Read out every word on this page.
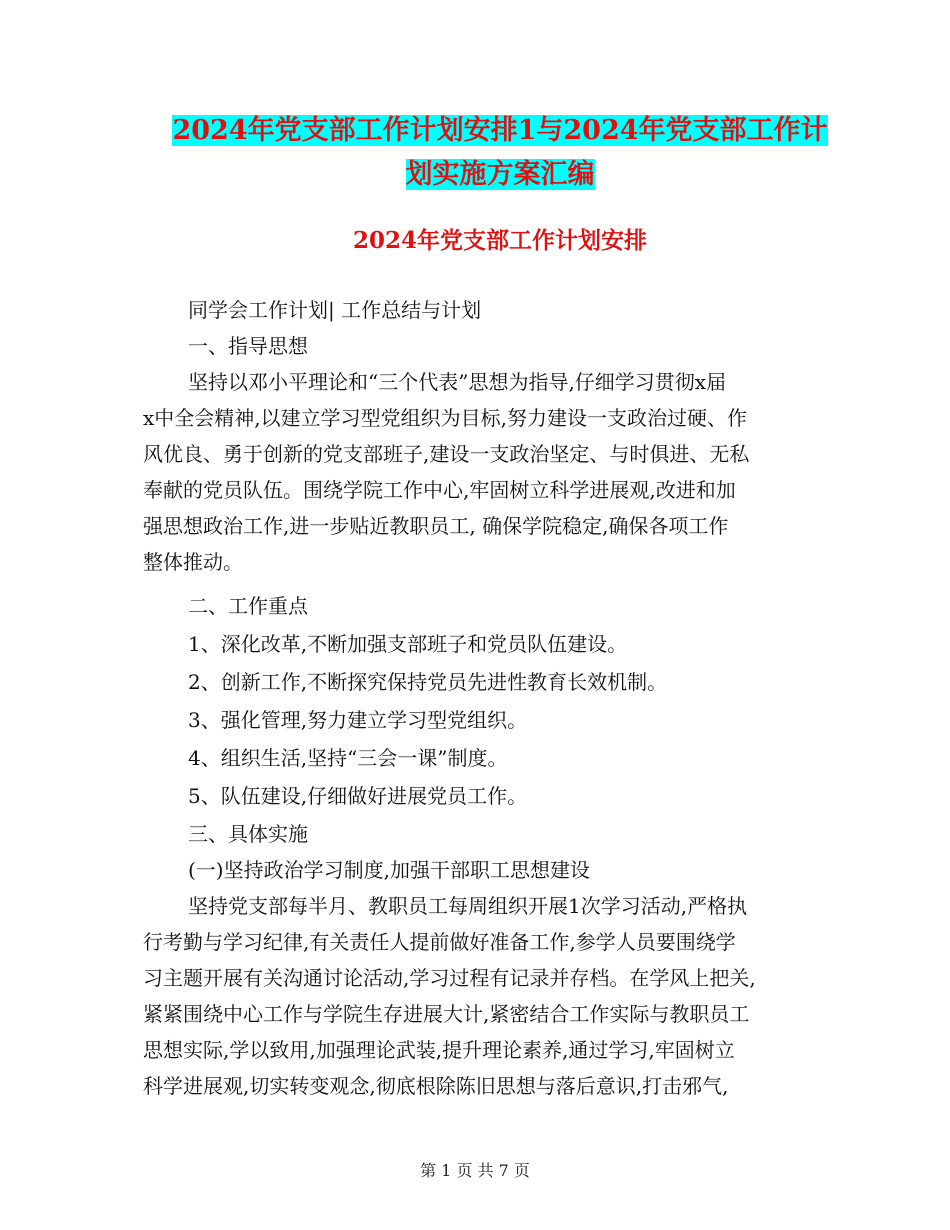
2024年党支部工作计划安排1与2024年党支部工作计
划实施方案汇编
2024年党支部工作计划安排
同学会工作计划| 工作总结与计划
一、指导思想
坚持以邓小平理论和“三个代表”思想为指导,仔细学习贯彻x届
x中全会精神,以建立学习型党组织为目标,努力建设一支政治过硬、作
风优良、勇于创新的党支部班子,建设一支政治坚定、与时俱进、无私
奉献的党员队伍。围绕学院工作中心,牢固树立科学进展观,改进和加
强思想政治工作,进一步贴近教职员工, 确保学院稳定,确保各项工作
整体推动。
二、工作重点
1、深化改革,不断加强支部班子和党员队伍建设。
2、创新工作,不断探究保持党员先进性教育长效机制。
3、强化管理,努力建立学习型党组织。
4、组织生活,坚持“三会一课”制度。
5、队伍建设,仔细做好进展党员工作。
三、具体实施
(一)坚持政治学习制度,加强干部职工思想建设
坚持党支部每半月、教职员工每周组织开展1次学习活动,严格执
行考勤与学习纪律,有关责任人提前做好准备工作,参学人员要围绕学
习主题开展有关沟通讨论活动,学习过程有记录并存档。在学风上把关,
紧紧围绕中心工作与学院生存进展大计,紧密结合工作实际与教职员工
思想实际,学以致用,加强理论武装,提升理论素养,通过学习,牢固树立
科学进展观,切实转变观念,彻底根除陈旧思想与落后意识,打击邪气,
第 1 页 共 7 页
